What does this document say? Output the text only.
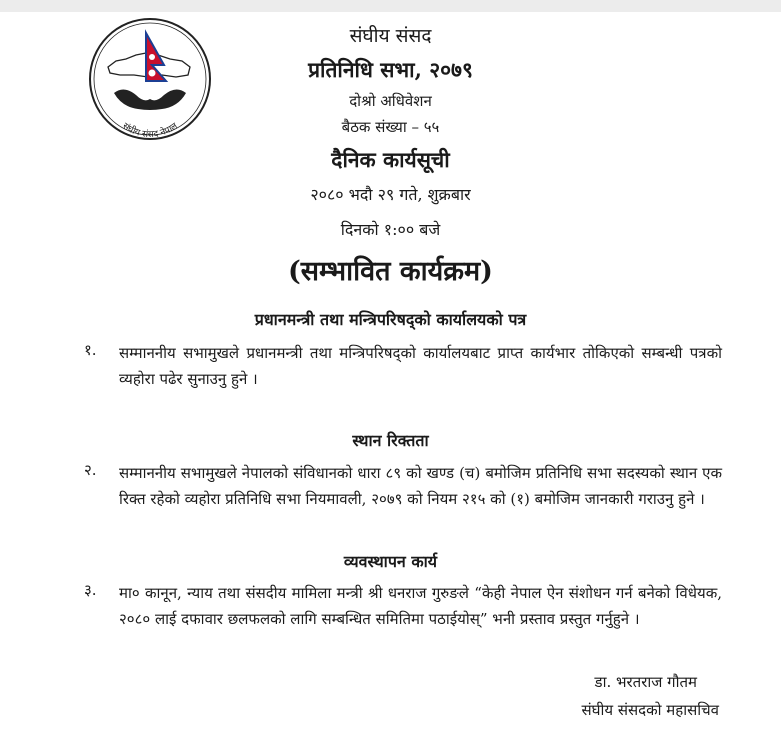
संघीय संसद नेपाल
संघीय संसद
प्रतिनिधि सभा, २०७९
दोश्रो अधिवेशन
बैठक संख्या – ५५
दैनिक कार्यसूची
२०८० भदौ २९ गते, शुक्रबार
दिनको १:०० बजे
(सम्भावित कार्यक्रम)
प्रधानमन्त्री तथा मन्त्रिपरिषद्को कार्यालयको पत्र
१. सम्माननीय सभामुखले प्रधानमन्त्री तथा मन्त्रिपरिषद्को कार्यालयबाट प्राप्त कार्यभार तोकिएको सम्बन्धी पत्रको व्यहोरा पढेर सुनाउनु हुने ।
स्थान रिक्तता
२. सम्माननीय सभामुखले नेपालको संविधानको धारा ८९ को खण्ड (च) बमोजिम प्रतिनिधि सभा सदस्यको स्थान एक रिक्त रहेको व्यहोरा प्रतिनिधि सभा नियमावली, २०७९ को नियम २१५ को (१) बमोजिम जानकारी गराउनु हुने ।
व्यवस्थापन कार्य
३. मा० कानून, न्याय तथा संसदीय मामिला मन्त्री श्री धनराज गुरुङले “केही नेपाल ऐन संशोधन गर्न बनेको विधेयक, २०८० लाई दफावार छलफलको लागि सम्बन्धित समितिमा पठाईयोस्” भनी प्रस्ताव प्रस्तुत गर्नुहुने ।
डा. भरतराज गौतम
संघीय संसदको महासचिव
